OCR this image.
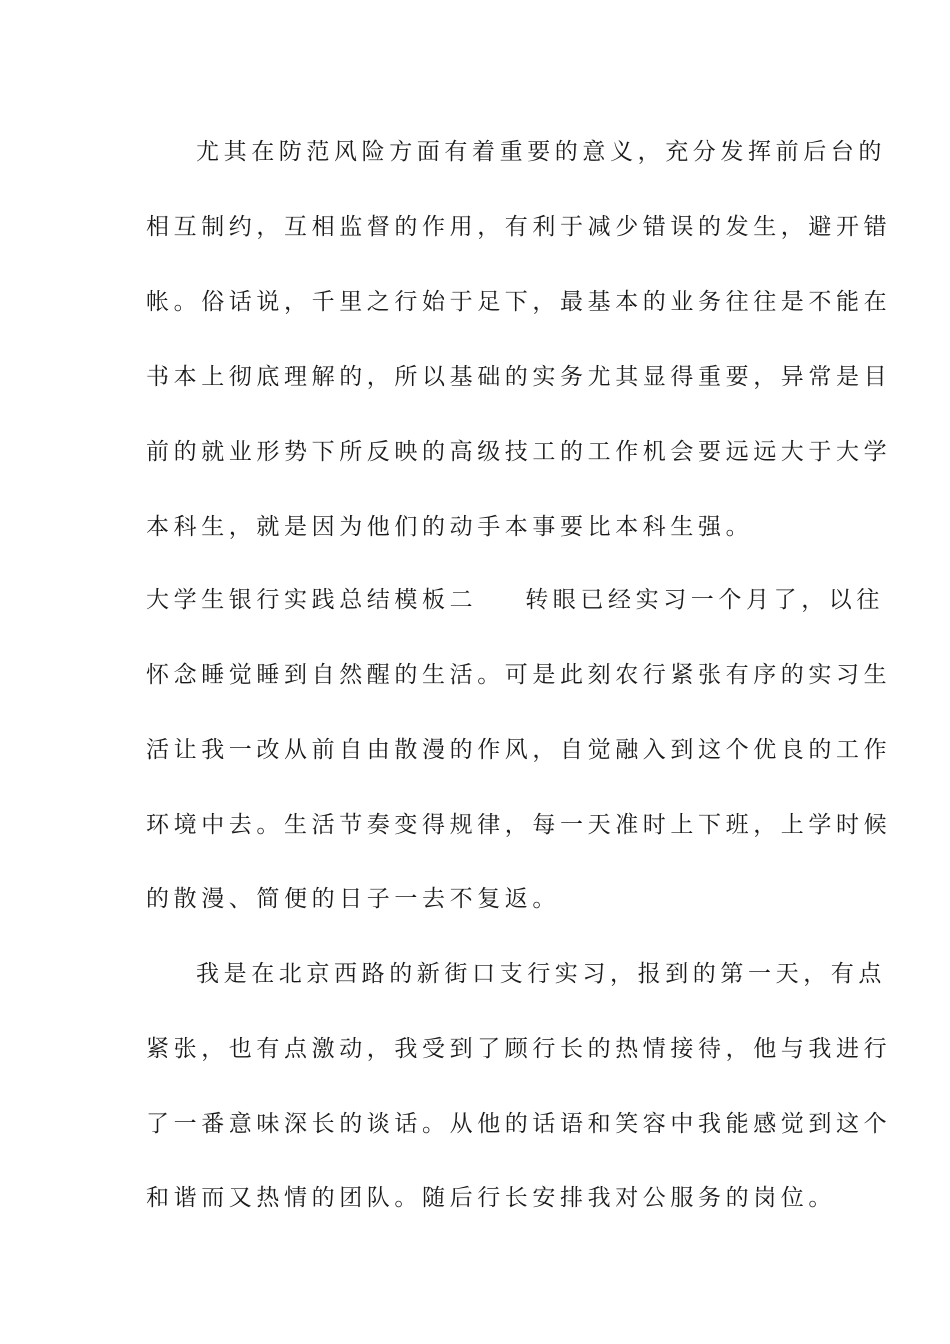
尤其在防范风险方面有着重要的意义，充分发挥前后台的
相互制约，互相监督的作用，有利于减少错误的发生，避开错
帐。俗话说，千里之行始于足下，最基本的业务往往是不能在
书本上彻底理解的，所以基础的实务尤其显得重要，异常是目
前的就业形势下所反映的高级技工的工作机会要远远大于大学
本科生，就是因为他们的动手本事要比本科生强。
大学生银行实践总结模板二 转眼已经实习一个月了，以往
怀念睡觉睡到自然醒的生活。可是此刻农行紧张有序的实习生
活让我一改从前自由散漫的作风，自觉融入到这个优良的工作
环境中去。生活节奏变得规律，每一天准时上下班，上学时候
的散漫、简便的日子一去不复返。
我是在北京西路的新街口支行实习，报到的第一天，有点
紧张，也有点激动，我受到了顾行长的热情接待，他与我进行
了一番意味深长的谈话。从他的话语和笑容中我能感觉到这个
和谐而又热情的团队。随后行长安排我对公服务的岗位。
